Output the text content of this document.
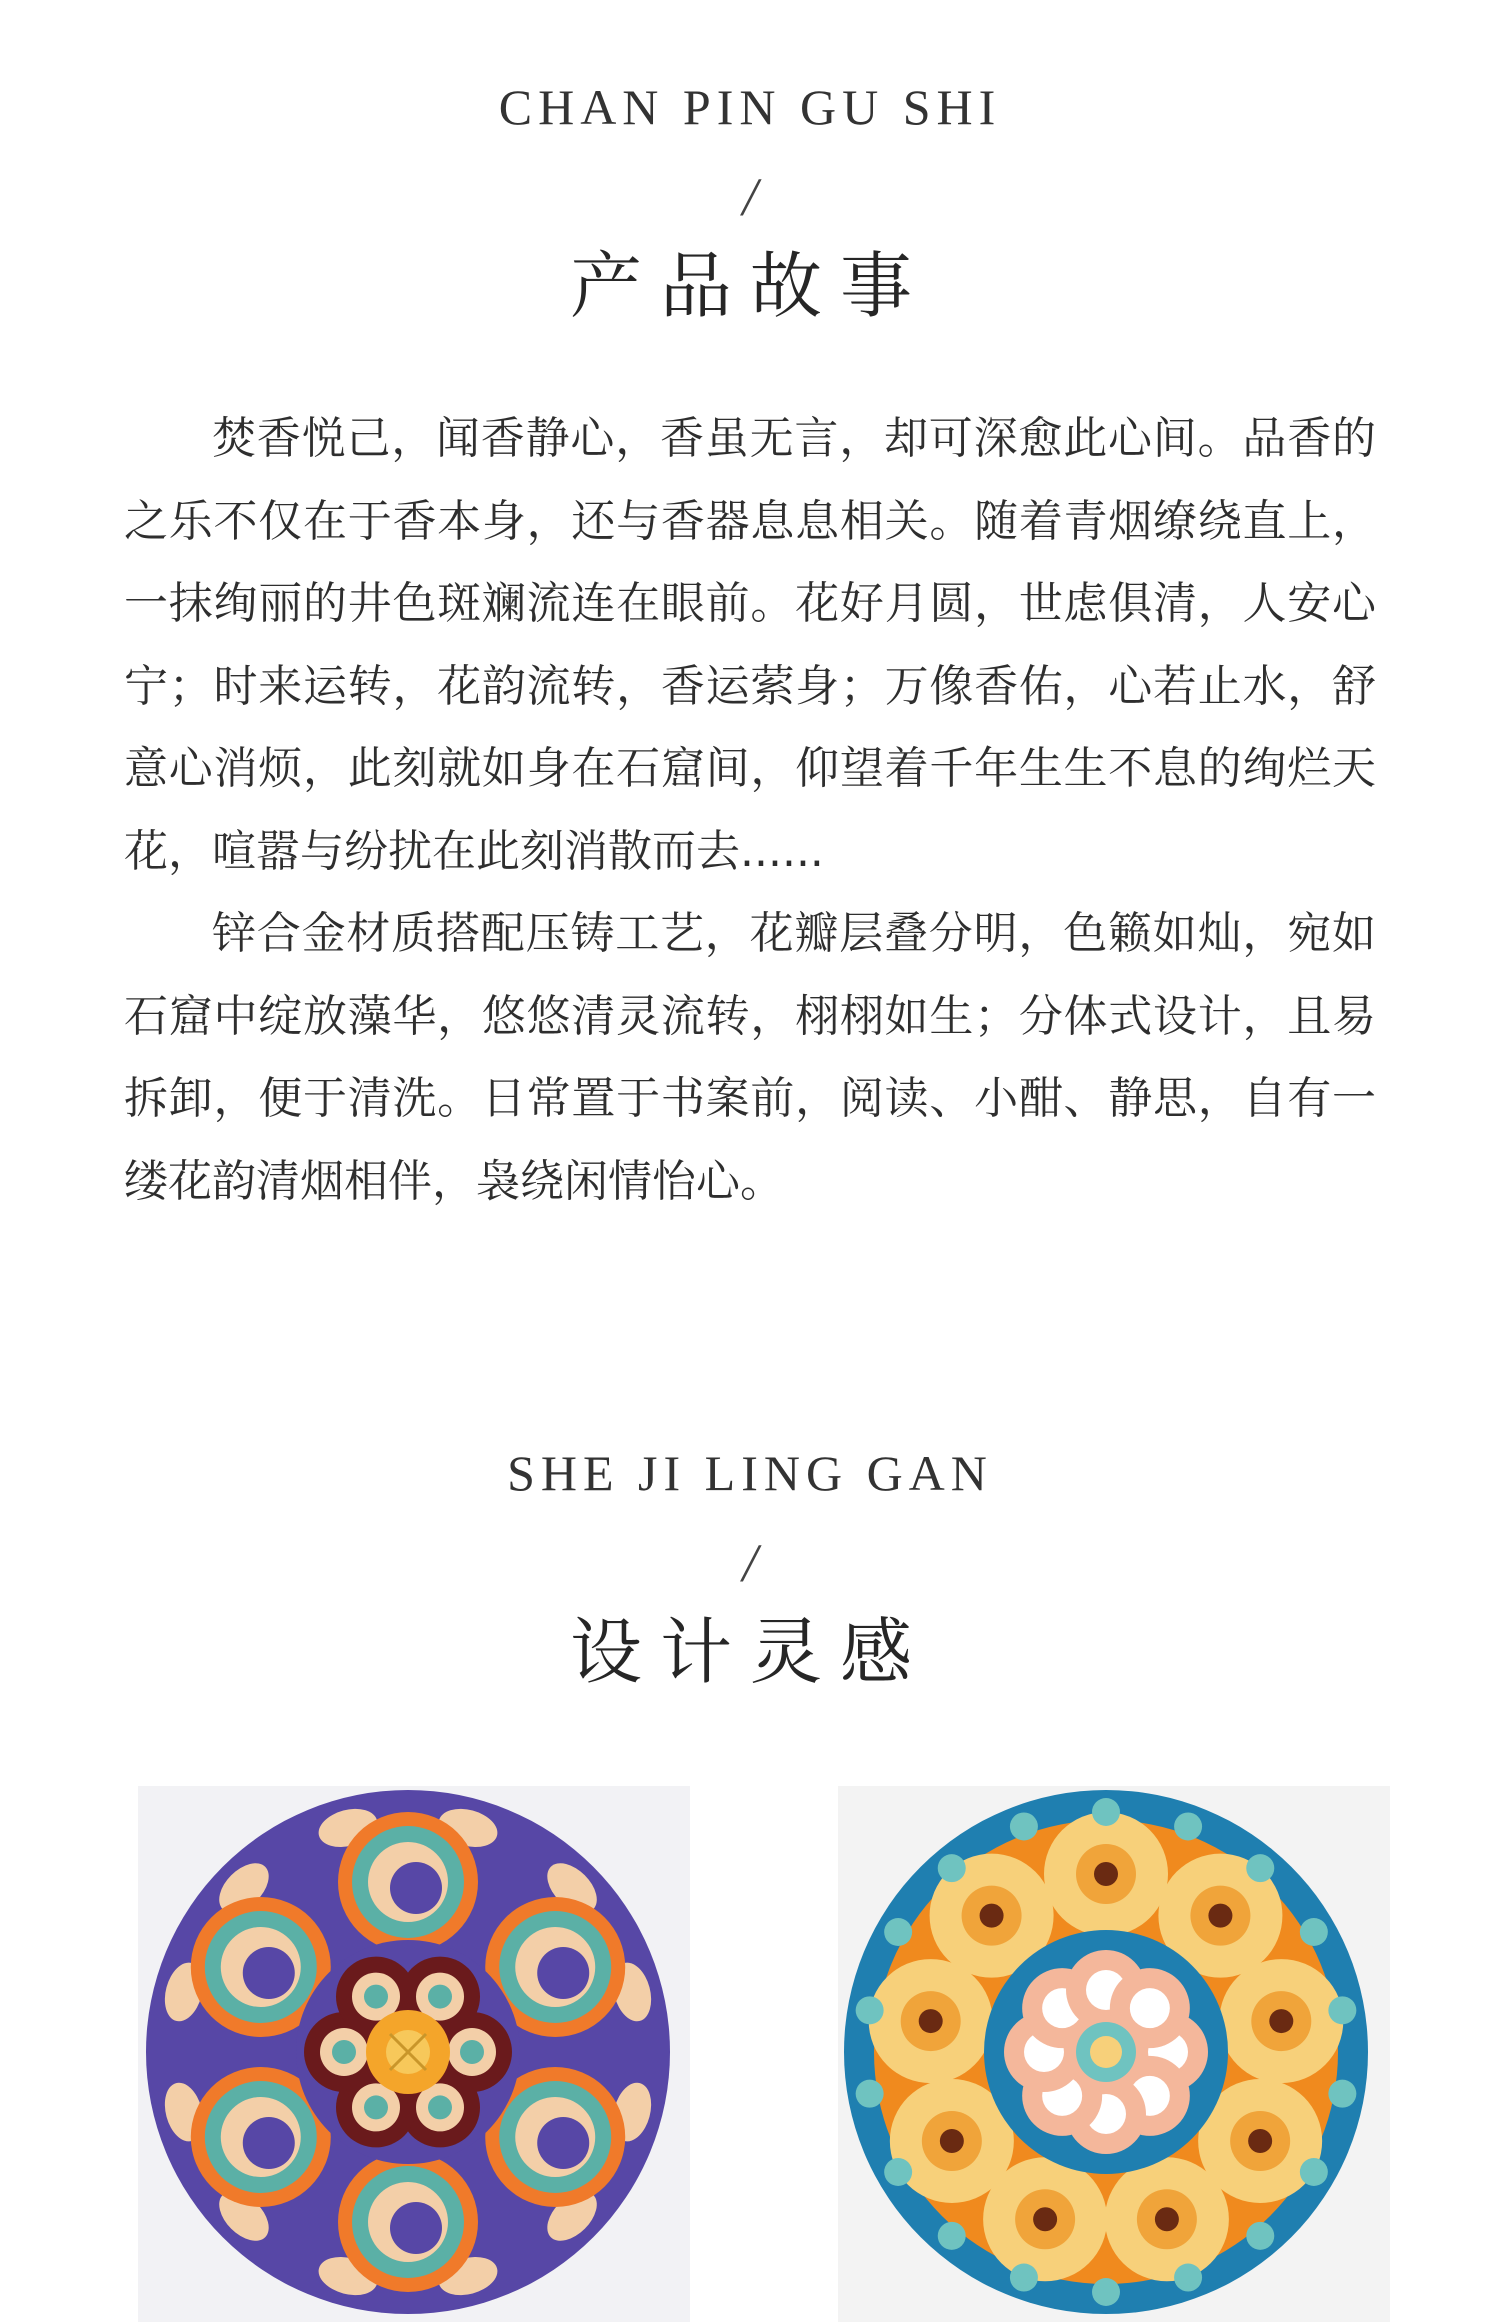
CHAN PIN GU SHI
/
产品故事

焚香悦己，闻香静心，香虽无言，却可深愈此心间。品香的之乐不仅在于香本身，还与香器息息相关。随着青烟缭绕直上，一抹绚丽的井色斑斓流连在眼前。花好月圆，世虑俱清，人安心宁；时来运转，花韵流转，香运萦身；万像香佑，心若止水，舒意心消烦，此刻就如身在石窟间，仰望着千年生生不息的绚烂天花，喧嚣与纷扰在此刻消散而去......

锌合金材质搭配压铸工艺，花瓣层叠分明，色籁如灿，宛如石窟中绽放藻华，悠悠清灵流转，栩栩如生；分体式设计，且易拆卸，便于清洗。日常置于书案前，阅读、小酣、静思，自有一缕花韵清烟相伴，袅绕闲情怡心。

SHE JI LING GAN
/
设计灵感
